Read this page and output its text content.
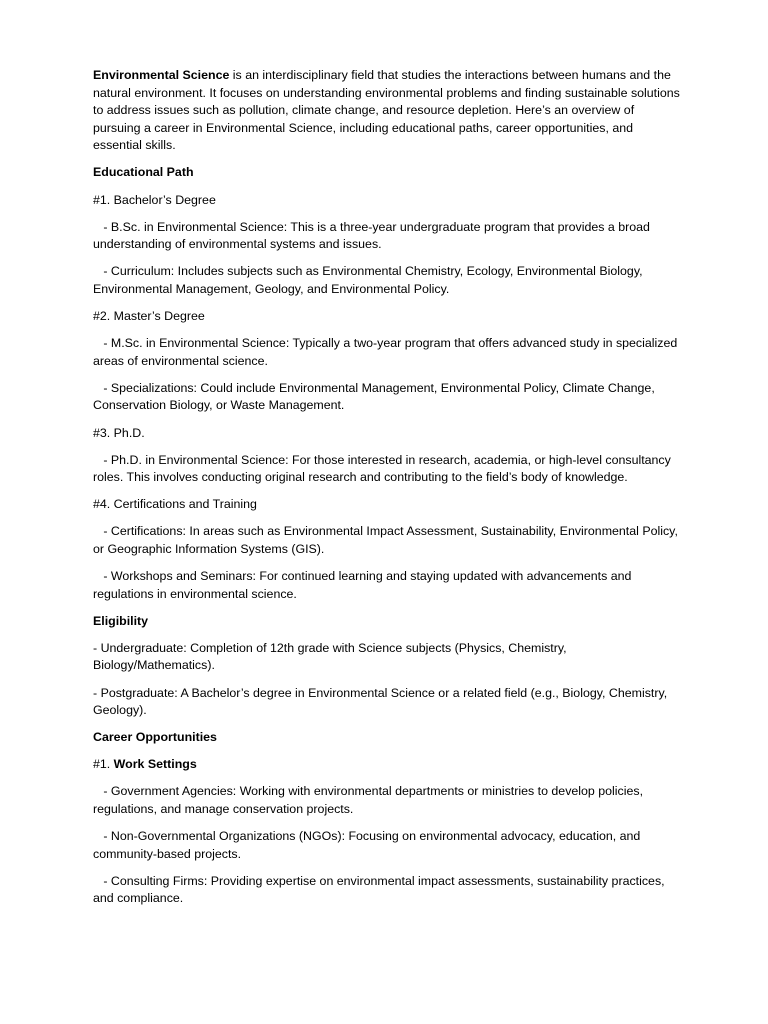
Environmental Science is an interdisciplinary field that studies the interactions between humans and the natural environment. It focuses on understanding environmental problems and finding sustainable solutions to address issues such as pollution, climate change, and resource depletion. Here’s an overview of pursuing a career in Environmental Science, including educational paths, career opportunities, and essential skills.

Educational Path

#1. Bachelor’s Degree

- B.Sc. in Environmental Science: This is a three-year undergraduate program that provides a broad understanding of environmental systems and issues.

- Curriculum: Includes subjects such as Environmental Chemistry, Ecology, Environmental Biology, Environmental Management, Geology, and Environmental Policy.

#2. Master’s Degree

- M.Sc. in Environmental Science: Typically a two-year program that offers advanced study in specialized areas of environmental science.

- Specializations: Could include Environmental Management, Environmental Policy, Climate Change, Conservation Biology, or Waste Management.

#3. Ph.D.

- Ph.D. in Environmental Science: For those interested in research, academia, or high-level consultancy roles. This involves conducting original research and contributing to the field’s body of knowledge.

#4. Certifications and Training

- Certifications: In areas such as Environmental Impact Assessment, Sustainability, Environmental Policy, or Geographic Information Systems (GIS).

- Workshops and Seminars: For continued learning and staying updated with advancements and regulations in environmental science.

Eligibility

- Undergraduate: Completion of 12th grade with Science subjects (Physics, Chemistry, Biology/Mathematics).

- Postgraduate: A Bachelor’s degree in Environmental Science or a related field (e.g., Biology, Chemistry, Geology).

Career Opportunities

#1. Work Settings

- Government Agencies: Working with environmental departments or ministries to develop policies, regulations, and manage conservation projects.

- Non-Governmental Organizations (NGOs): Focusing on environmental advocacy, education, and community-based projects.

- Consulting Firms: Providing expertise on environmental impact assessments, sustainability practices, and compliance.
